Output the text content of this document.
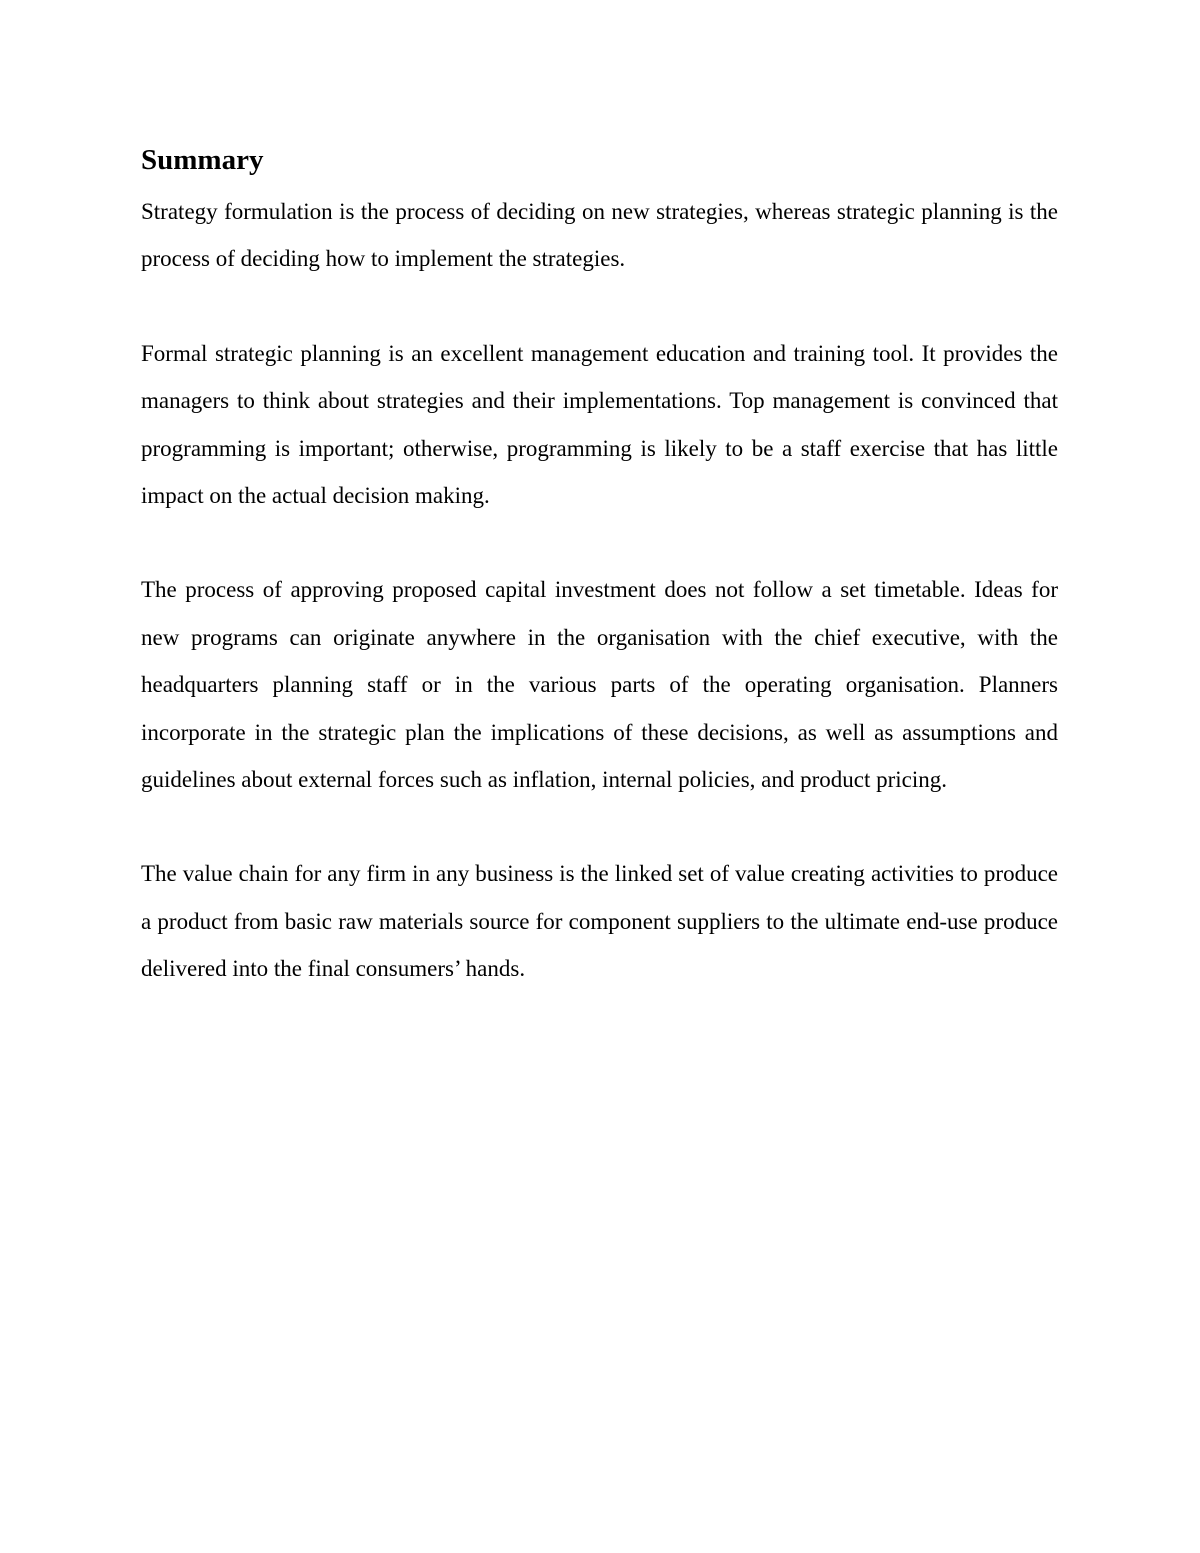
Summary

Strategy formulation is the process of deciding on new strategies, whereas strategic planning is the process of deciding how to implement the strategies.

Formal strategic planning is an excellent management education and training tool. It provides the managers to think about strategies and their implementations. Top management is convinced that programming is important; otherwise, programming is likely to be a staff exercise that has little impact on the actual decision making.

The process of approving proposed capital investment does not follow a set timetable. Ideas for new programs can originate anywhere in the organisation with the chief executive, with the headquarters planning staff or in the various parts of the operating organisation. Planners incorporate in the strategic plan the implications of these decisions, as well as assumptions and guidelines about external forces such as inflation, internal policies, and product pricing.

The value chain for any firm in any business is the linked set of value creating activities to produce a product from basic raw materials source for component suppliers to the ultimate end-use produce delivered into the final consumers’ hands.
